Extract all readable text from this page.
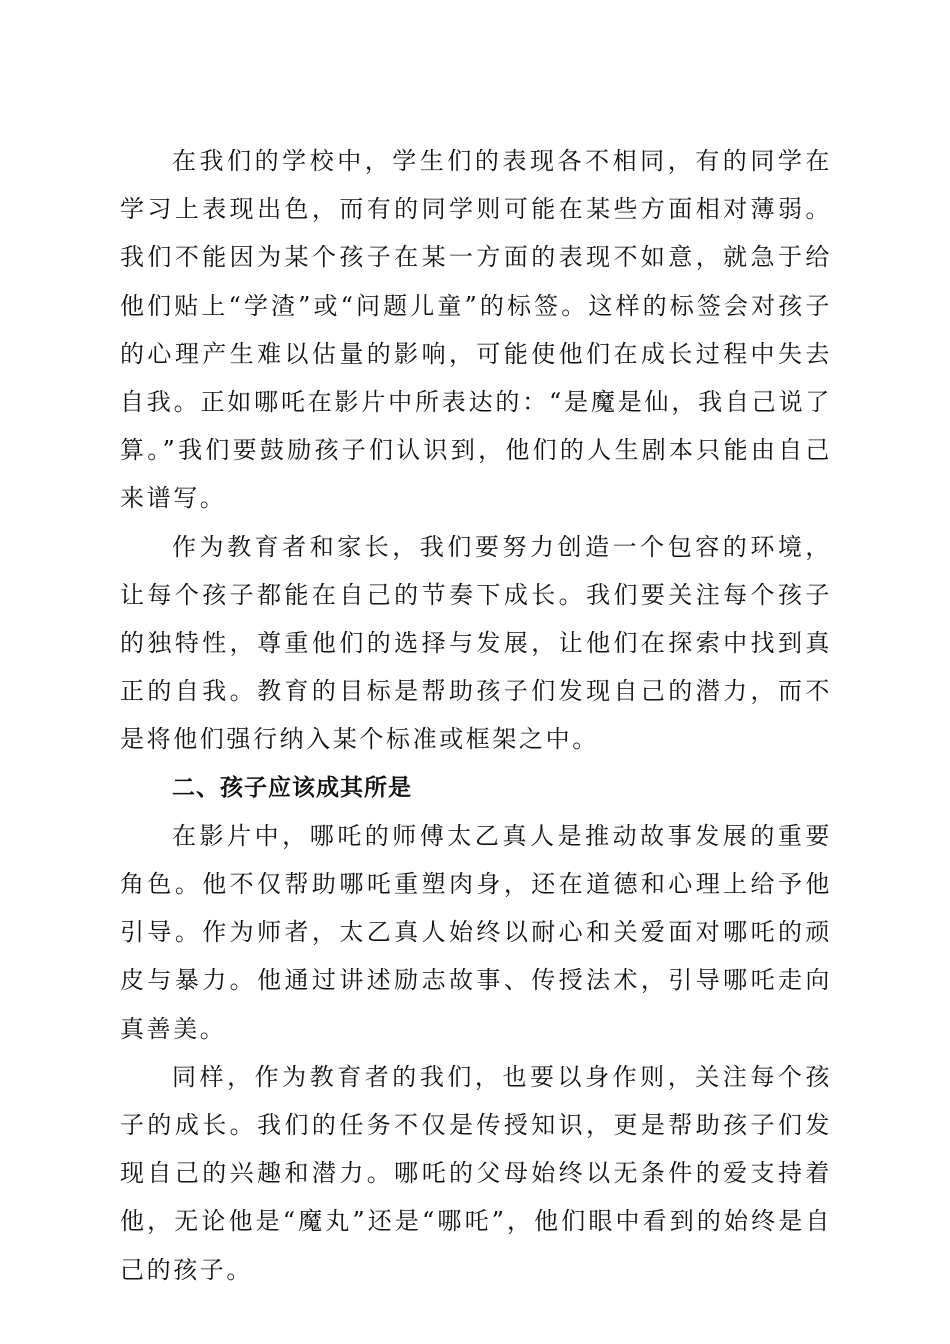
在我们的学校中，学生们的表现各不相同，有的同学在学习上表现出色，而有的同学则可能在某些方面相对薄弱。我们不能因为某个孩子在某一方面的表现不如意，就急于给他们贴上“学渣”或“问题儿童”的标签。这样的标签会对孩子的心理产生难以估量的影响，可能使他们在成长过程中失去自我。正如哪吒在影片中所表达的：“是魔是仙，我自己说了算。”我们要鼓励孩子们认识到，他们的人生剧本只能由自己来谱写。

作为教育者和家长，我们要努力创造一个包容的环境，让每个孩子都能在自己的节奏下成长。我们要关注每个孩子的独特性，尊重他们的选择与发展，让他们在探索中找到真正的自我。教育的目标是帮助孩子们发现自己的潜力，而不是将他们强行纳入某个标准或框架之中。

二、孩子应该成其所是

在影片中，哪吒的师傅太乙真人是推动故事发展的重要角色。他不仅帮助哪吒重塑肉身，还在道德和心理上给予他引导。作为师者，太乙真人始终以耐心和关爱面对哪吒的顽皮与暴力。他通过讲述励志故事、传授法术，引导哪吒走向真善美。

同样，作为教育者的我们，也要以身作则，关注每个孩子的成长。我们的任务不仅是传授知识，更是帮助孩子们发现自己的兴趣和潜力。哪吒的父母始终以无条件的爱支持着他，无论他是“魔丸”还是“哪吒”，他们眼中看到的始终是自己的孩子。
